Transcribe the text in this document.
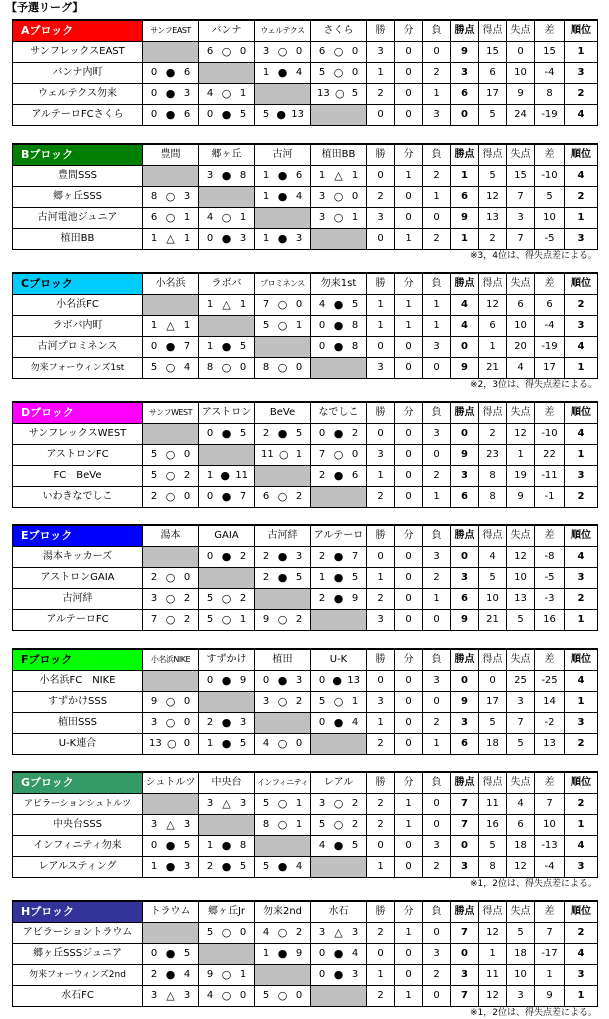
【予選リーグ】
Aブロック	サンフEAST	バンナ	ウェルテクス	さくら	勝	分	負	勝点	得点	失点	差	順位
サンフレックスEAST		6 ○ 0	3 ○ 0	6 ○ 0	3	0	0	9	15	0	15	1
バンナ内町	0 ● 6		1 ● 4	5 ○ 0	1	0	2	3	6	10	-4	3
ウェルテクス勿来	0 ● 3	4 ○ 1		13 ○ 5	2	0	1	6	17	9	8	2
アルテーロFCさくら	0 ● 6	0 ● 5	5 ● 13		0	0	3	0	5	24	-19	4
Bブロック	豊間	郷ヶ丘	古河	植田BB	勝	分	負	勝点	得点	失点	差	順位
豊間SSS		3 ● 8	1 ● 6	1 △ 1	0	1	2	1	5	15	-10	4
郷ヶ丘SSS	8 ○ 3		1 ● 4	3 ○ 0	2	0	1	6	12	7	5	2
古河電池ジュニア	6 ○ 1	4 ○ 1		3 ○ 1	3	0	0	9	13	3	10	1
植田BB	1 △ 1	0 ● 3	1 ● 3		0	1	2	1	2	7	-5	3
※3，4位は、得失点差による。
Cブロック	小名浜	ラボバ	プロミネンス	勿来1st	勝	分	負	勝点	得点	失点	差	順位
小名浜FC		1 △ 1	7 ○ 0	4 ● 5	1	1	1	4	12	6	6	2
ラボバ内町	1 △ 1		5 ○ 1	0 ● 8	1	1	1	4	6	10	-4	3
古河プロミネンス	0 ● 7	1 ● 5		0 ● 8	0	0	3	0	1	20	-19	4
勿来フォーウィンズ1st	5 ○ 4	8 ○ 0	8 ○ 0		3	0	0	9	21	4	17	1
※2，3位は、得失点差による。
Dブロック	サンフWEST	アストロン	BeVe	なでしこ	勝	分	負	勝点	得点	失点	差	順位
サンフレックスWEST		0 ● 5	2 ● 5	0 ● 2	0	0	3	0	2	12	-10	4
アストロンFC	5 ○ 0		11 ○ 1	7 ○ 0	3	0	0	9	23	1	22	1
FC　BeVe	5 ○ 2	1 ● 11		2 ● 6	1	0	2	3	8	19	-11	3
いわきなでしこ	2 ○ 0	0 ● 7	6 ○ 2		2	0	1	6	8	9	-1	2
Eブロック	湯本	GAIA	古河絆	アルテーロ	勝	分	負	勝点	得点	失点	差	順位
湯本キッカーズ		0 ● 2	2 ● 3	2 ● 7	0	0	3	0	4	12	-8	4
アストロンGAIA	2 ○ 0		2 ● 5	1 ● 5	1	0	2	3	5	10	-5	3
古河絆	3 ○ 2	5 ○ 2		2 ● 9	2	0	1	6	10	13	-3	2
アルテーロFC	7 ○ 2	5 ○ 1	9 ○ 2		3	0	0	9	21	5	16	1
Fブロック	小名浜NIKE	すずかけ	植田	U-K	勝	分	負	勝点	得点	失点	差	順位
小名浜FC　NIKE		0 ● 9	0 ● 3	0 ● 13	0	0	3	0	0	25	-25	4
すずかけSSS	9 ○ 0		3 ○ 2	5 ○ 1	3	0	0	9	17	3	14	1
植田SSS	3 ○ 0	2 ● 3		0 ● 4	1	0	2	3	5	7	-2	3
U-K連合	13 ○ 0	1 ● 5	4 ○ 0		2	0	1	6	18	5	13	2
Gブロック	シュトルツ	中央台	インフィニティ	レアル	勝	分	負	勝点	得点	失点	差	順位
アビラーションシュトルツ		3 △ 3	5 ○ 1	3 ○ 2	2	1	0	7	11	4	7	2
中央台SSS	3 △ 3		8 ○ 1	5 ○ 2	2	1	0	7	16	6	10	1
インフィニティ勿来	0 ● 5	1 ● 8		4 ● 5	0	0	3	0	5	18	-13	4
レアルスティング	1 ● 3	2 ● 5	5 ● 4		1	0	2	3	8	12	-4	3
※1，2位は、得失点差による。
Hブロック	トラウム	郷ヶ丘Jr	勿来2nd	水石	勝	分	負	勝点	得点	失点	差	順位
アビラーショントラウム		5 ○ 0	4 ○ 2	3 △ 3	2	1	0	7	12	5	7	2
郷ヶ丘SSSジュニア	0 ● 5		1 ● 9	0 ● 4	0	0	3	0	1	18	-17	4
勿来フォーウィンズ2nd	2 ● 4	9 ○ 1		0 ● 3	1	0	2	3	11	10	1	3
水石FC	3 △ 3	4 ○ 0	5 ○ 0		2	1	0	7	12	3	9	1
※1，2位は、得失点差による。
